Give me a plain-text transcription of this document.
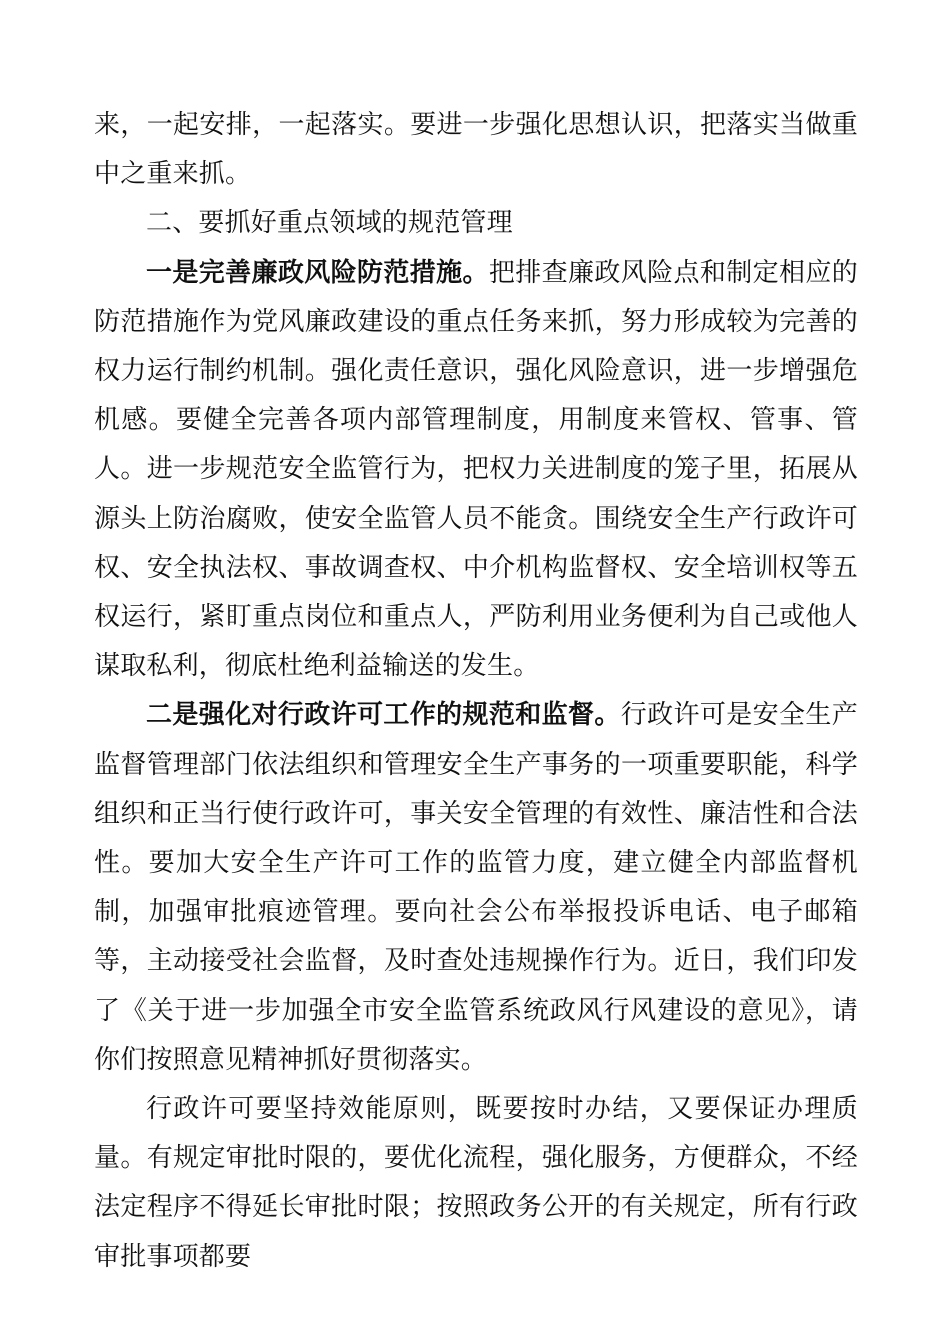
来，一起安排，一起落实。要进一步强化思想认识，把落实当做重中之重来抓。

二、要抓好重点领域的规范管理

一是完善廉政风险防范措施。把排查廉政风险点和制定相应的防范措施作为党风廉政建设的重点任务来抓，努力形成较为完善的权力运行制约机制。强化责任意识，强化风险意识，进一步增强危机感。要健全完善各项内部管理制度，用制度来管权、管事、管人。进一步规范安全监管行为，把权力关进制度的笼子里，拓展从源头上防治腐败，使安全监管人员不能贪。围绕安全生产行政许可权、安全执法权、事故调查权、中介机构监督权、安全培训权等五权运行，紧盯重点岗位和重点人，严防利用业务便利为自己或他人谋取私利，彻底杜绝利益输送的发生。

二是强化对行政许可工作的规范和监督。行政许可是安全生产监督管理部门依法组织和管理安全生产事务的一项重要职能，科学组织和正当行使行政许可，事关安全管理的有效性、廉洁性和合法性。要加大安全生产许可工作的监管力度，建立健全内部监督机制，加强审批痕迹管理。要向社会公布举报投诉电话、电子邮箱等，主动接受社会监督，及时查处违规操作行为。近日，我们印发了《关于进一步加强全市安全监管系统政风行风建设的意见》，请你们按照意见精神抓好贯彻落实。

行政许可要坚持效能原则，既要按时办结，又要保证办理质量。有规定审批时限的，要优化流程，强化服务，方便群众，不经法定程序不得延长审批时限；按照政务公开的有关规定，所有行政审批事项都要
